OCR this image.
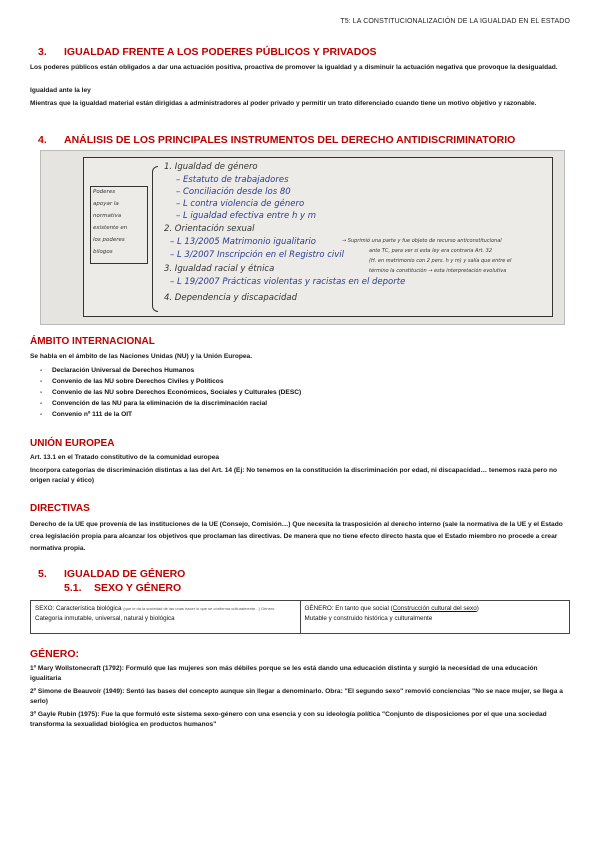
T5: LA CONSTITUCIONALIZACIÓN DE LA IGUALDAD EN EL ESTADO
3. IGUALDAD FRENTE A LOS PODERES PÚBLICOS Y PRIVADOS
Los poderes públicos están obligados a dar una actuación positiva, proactiva de promover la igualdad y a disminuir la actuación negativa que provoque la desigualdad.
Igualdad ante la ley
Mientras que la igualdad material están dirigidas a administradores al poder privado y permitir un trato diferenciado cuando tiene un motivo objetivo y razonable.
4. ANÁLISIS DE LOS PRINCIPALES INSTRUMENTOS DEL DERECHO ANTIDISCRIMINATORIO
Poderes
apoyar la
normativa
existente en
los poderes
bilogos
1. Igualdad de género
– Estatuto de trabajadores
– Conciliación desde los 80
– L contra violencia de género
– L igualdad efectiva entre h y m
2. Orientación sexual
– L 13/2005 Matrimonio igualitario
– L 3/2007 Inscripción en el Registro civil
3. Igualdad racial y étnica
– L 19/2007 Prácticas violentas y racistas en el deporte
4. Dependencia y discapacidad
→ Suprimió una parte y fue objeto de recurso anticonstitucional
ante TC, para ver si esta ley era contraria Art. 32
(H. en matrimonio con 2 pers. h y m) y salía que entre el
término la constitución → esta interpretación evolutiva
ÁMBITO INTERNACIONAL
Se habla en el ámbito de las Naciones Unidas (NU) y la Unión Europea.
- Declaración Universal de Derechos Humanos
- Convenio de las NU sobre Derechos Civiles y Políticos
- Convenio de las NU sobre Derechos Económicos, Sociales y Culturales (DESC)
- Convención de las NU para la eliminación de la discriminación racial
- Convenio nº 111 de la OIT
UNIÓN EUROPEA
Art. 13.1 en el Tratado constitutivo de la comunidad europea
Incorpora categorías de discriminación distintas a las del Art. 14 (Ej: No tenemos en la constitución la discriminación por edad, ni discapacidad… tenemos raza pero no origen racial y ético)
DIRECTIVAS
Derecho de la UE que provenía de las instituciones de la UE (Consejo, Comisión…) Que necesita la trasposición al derecho interno (sale la normativa de la UE y el Estado crea legislación propia para alcanzar los objetivos que proclaman las directivas. De manera que no tiene efecto directo hasta que el Estado miembro no procede a crear normativa propia.
5. IGUALDAD DE GÉNERO
5.1. SEXO Y GÉNERO
SEXO: Característica biológica (que le da la sociedad de las unas hacer lo que se conforma culturalmente...) Género
Categoría inmutable, universal, natural y biológica
GÉNERO: En tanto que social (Construcción cultural del sexo)
Mutable y construido histórica y culturalmente
GÉNERO:
1º Mary Wollstonecraft (1792): Formuló que las mujeres son más débiles porque se les está dando una educación distinta y surgió la necesidad de una educación igualitaria
2º Simone de Beauvoir (1949): Sentó las bases del concepto aunque sin llegar a denominarlo. Obra: "El segundo sexo" removió conciencias "No se nace mujer, se llega a serlo)
3º Gayle Rubin (1975): Fue la que formuló este sistema sexo-género con una esencia y con su ideología política "Conjunto de disposiciones por el que una sociedad transforma la sexualidad biológica en productos humanos"
